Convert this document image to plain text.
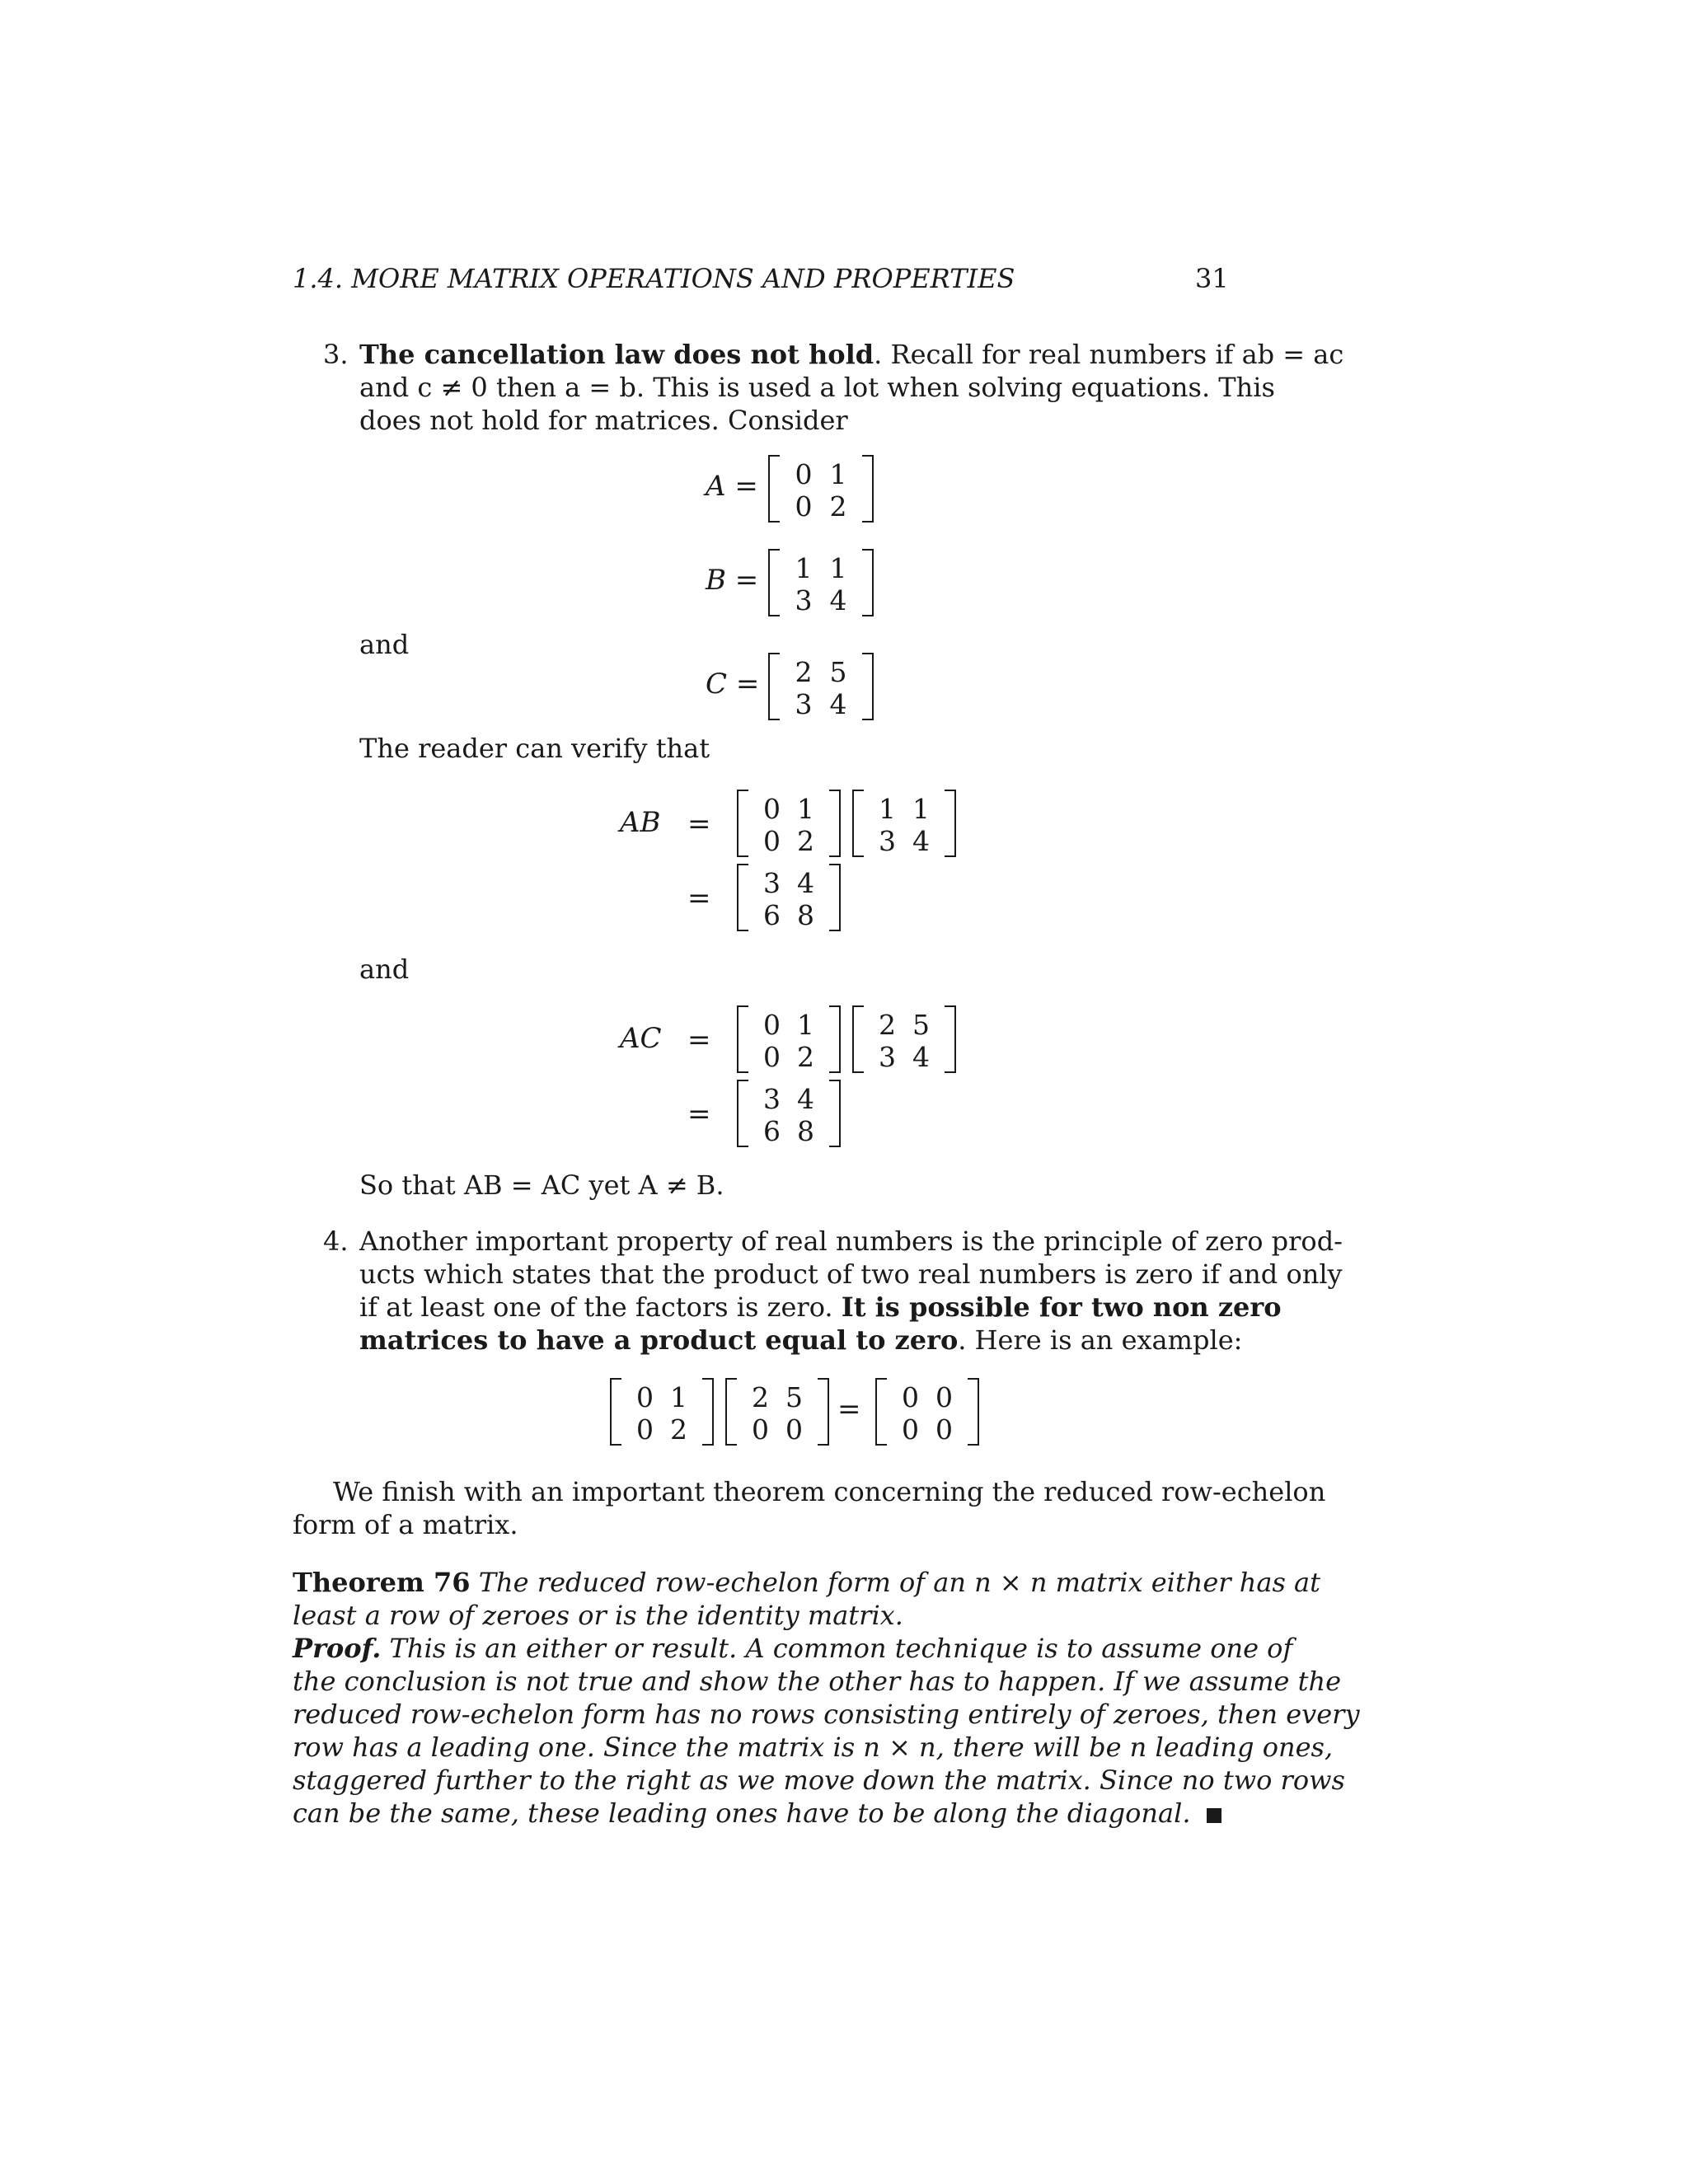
1.4. MORE MATRIX OPERATIONS AND PROPERTIES	31
3. The cancellation law does not hold. Recall for real numbers if ab = ac
and c ≠ 0 then a = b. This is used a lot when solving equations. This
does not hold for matrices. Consider
A =	0 1
0 2
B =	1 1
3 4
and
C =	2 5
3 4
The reader can verify that
AB =	0 1
0 2
1 1
3 4
=	3 4
6 8
and
AC =	0 1
0 2
2 5
3 4
=	3 4
6 8
So that AB = AC yet A ≠ B.
4. Another important property of real numbers is the principle of zero prod-
ucts which states that the product of two real numbers is zero if and only
if at least one of the factors is zero. It is possible for two non zero
matrices to have a product equal to zero. Here is an example:
0 1
0 2
2 5
0 0
=	0 0
0 0
We finish with an important theorem concerning the reduced row-echelon
form of a matrix.
Theorem 76 The reduced row-echelon form of an n × n matrix either has at
least a row of zeroes or is the identity matrix.
Proof. This is an either or result. A common technique is to assume one of
the conclusion is not true and show the other has to happen. If we assume the
reduced row-echelon form has no rows consisting entirely of zeroes, then every
row has a leading one. Since the matrix is n × n, there will be n leading ones,
staggered further to the right as we move down the matrix. Since no two rows
can be the same, these leading ones have to be along the diagonal.
